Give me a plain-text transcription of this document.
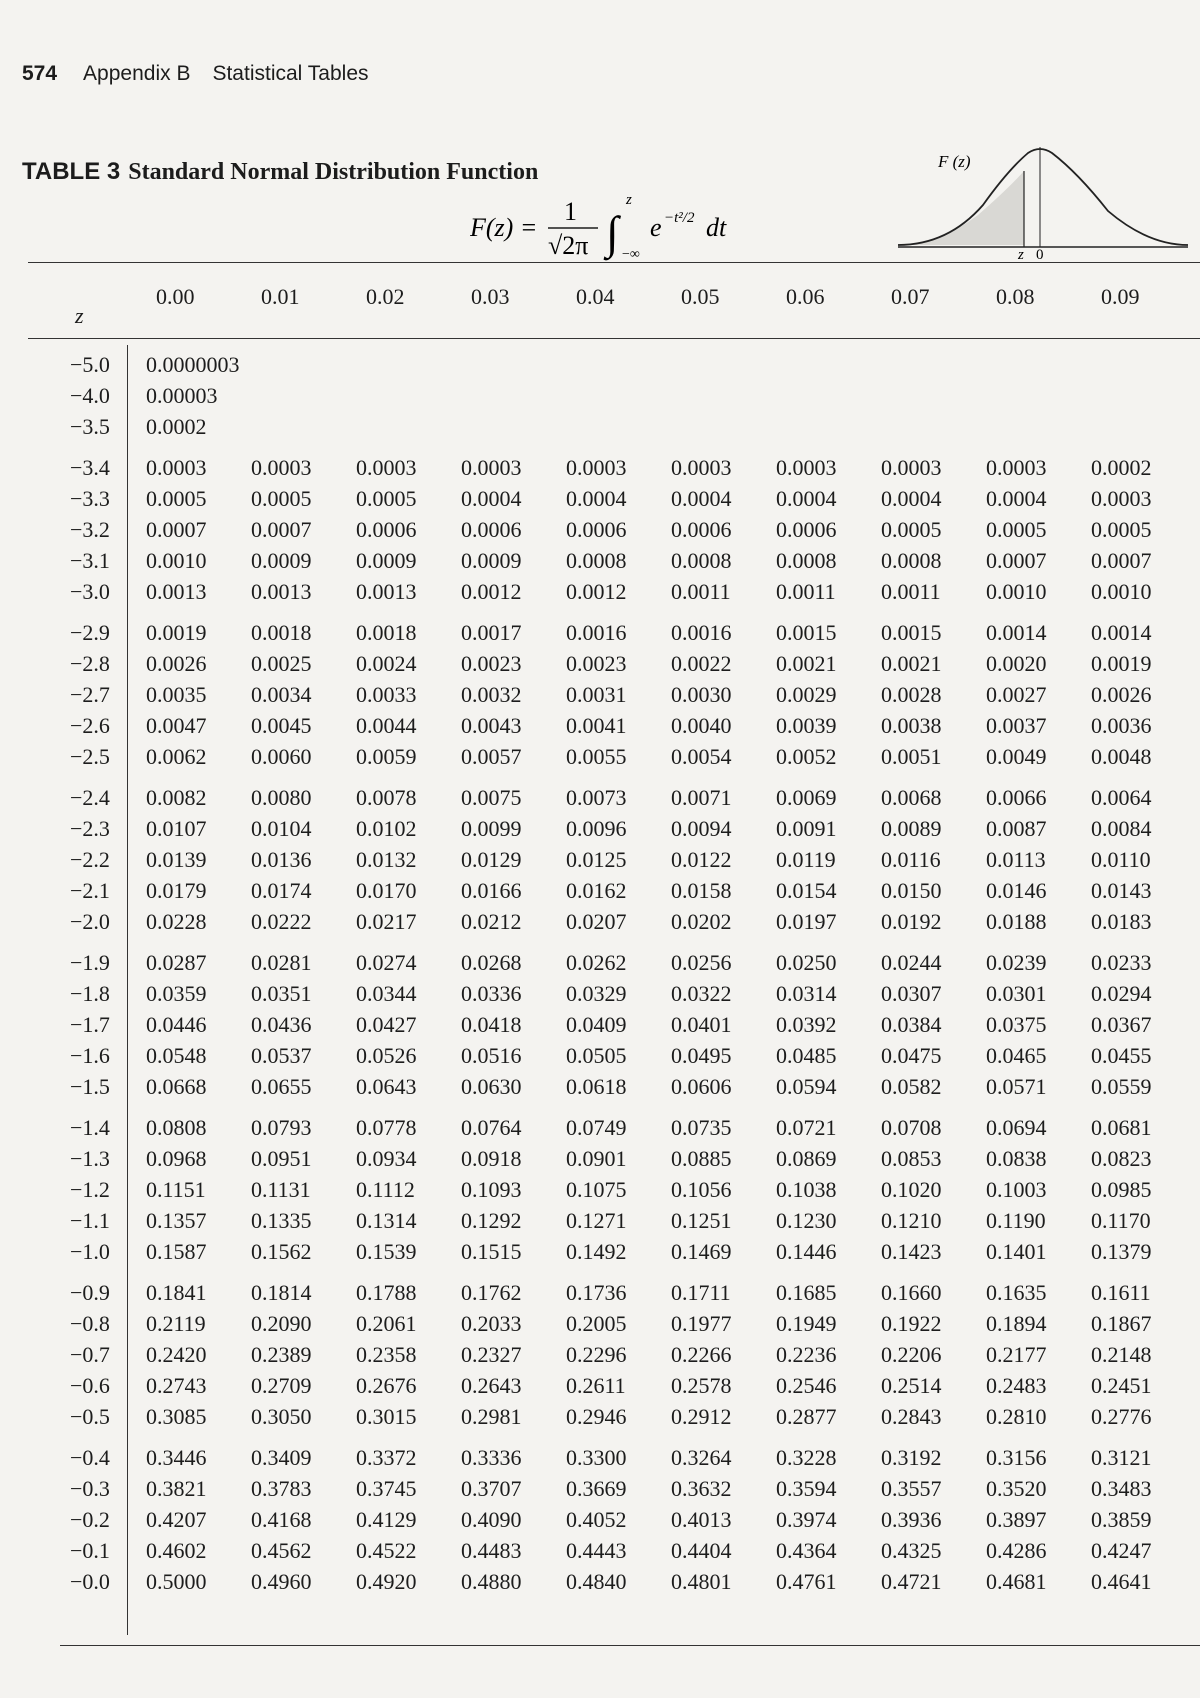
574 Appendix B Statistical Tables
TABLE 3 Standard Normal Distribution Function
F(z) =
1
√2π ∫
z
−∞
e −t²/2 dt
F (z)
z 0
z
0.00	0.01	0.02	0.03	0.04	0.05	0.06	0.07	0.08	0.09
−5.0 0.0000003
−4.0 0.00003
−3.5 0.0002
−3.4 0.0003 0.0003 0.0003 0.0003 0.0003 0.0003 0.0003 0.0003 0.0003 0.0002
−3.3 0.0005 0.0005 0.0005 0.0004 0.0004 0.0004 0.0004 0.0004 0.0004 0.0003
−3.2 0.0007 0.0007 0.0006 0.0006 0.0006 0.0006 0.0006 0.0005 0.0005 0.0005
−3.1 0.0010 0.0009 0.0009 0.0009 0.0008 0.0008 0.0008 0.0008 0.0007 0.0007
−3.0 0.0013 0.0013 0.0013 0.0012 0.0012 0.0011 0.0011 0.0011 0.0010 0.0010
−2.9 0.0019 0.0018 0.0018 0.0017 0.0016 0.0016 0.0015 0.0015 0.0014 0.0014
−2.8 0.0026 0.0025 0.0024 0.0023 0.0023 0.0022 0.0021 0.0021 0.0020 0.0019
−2.7 0.0035 0.0034 0.0033 0.0032 0.0031 0.0030 0.0029 0.0028 0.0027 0.0026
−2.6 0.0047 0.0045 0.0044 0.0043 0.0041 0.0040 0.0039 0.0038 0.0037 0.0036
−2.5 0.0062 0.0060 0.0059 0.0057 0.0055 0.0054 0.0052 0.0051 0.0049 0.0048
−2.4 0.0082 0.0080 0.0078 0.0075 0.0073 0.0071 0.0069 0.0068 0.0066 0.0064
−2.3 0.0107 0.0104 0.0102 0.0099 0.0096 0.0094 0.0091 0.0089 0.0087 0.0084
−2.2 0.0139 0.0136 0.0132 0.0129 0.0125 0.0122 0.0119 0.0116 0.0113 0.0110
−2.1 0.0179 0.0174 0.0170 0.0166 0.0162 0.0158 0.0154 0.0150 0.0146 0.0143
−2.0 0.0228 0.0222 0.0217 0.0212 0.0207 0.0202 0.0197 0.0192 0.0188 0.0183
−1.9 0.0287 0.0281 0.0274 0.0268 0.0262 0.0256 0.0250 0.0244 0.0239 0.0233
−1.8 0.0359 0.0351 0.0344 0.0336 0.0329 0.0322 0.0314 0.0307 0.0301 0.0294
−1.7 0.0446 0.0436 0.0427 0.0418 0.0409 0.0401 0.0392 0.0384 0.0375 0.0367
−1.6 0.0548 0.0537 0.0526 0.0516 0.0505 0.0495 0.0485 0.0475 0.0465 0.0455
−1.5 0.0668 0.0655 0.0643 0.0630 0.0618 0.0606 0.0594 0.0582 0.0571 0.0559
−1.4 0.0808 0.0793 0.0778 0.0764 0.0749 0.0735 0.0721 0.0708 0.0694 0.0681
−1.3 0.0968 0.0951 0.0934 0.0918 0.0901 0.0885 0.0869 0.0853 0.0838 0.0823
−1.2 0.1151 0.1131 0.1112 0.1093 0.1075 0.1056 0.1038 0.1020 0.1003 0.0985
−1.1 0.1357 0.1335 0.1314 0.1292 0.1271 0.1251 0.1230 0.1210 0.1190 0.1170
−1.0 0.1587 0.1562 0.1539 0.1515 0.1492 0.1469 0.1446 0.1423 0.1401 0.1379
−0.9 0.1841 0.1814 0.1788 0.1762 0.1736 0.1711 0.1685 0.1660 0.1635 0.1611
−0.8 0.2119 0.2090 0.2061 0.2033 0.2005 0.1977 0.1949 0.1922 0.1894 0.1867
−0.7 0.2420 0.2389 0.2358 0.2327 0.2296 0.2266 0.2236 0.2206 0.2177 0.2148
−0.6 0.2743 0.2709 0.2676 0.2643 0.2611 0.2578 0.2546 0.2514 0.2483 0.2451
−0.5 0.3085 0.3050 0.3015 0.2981 0.2946 0.2912 0.2877 0.2843 0.2810 0.2776
−0.4 0.3446 0.3409 0.3372 0.3336 0.3300 0.3264 0.3228 0.3192 0.3156 0.3121
−0.3 0.3821 0.3783 0.3745 0.3707 0.3669 0.3632 0.3594 0.3557 0.3520 0.3483
−0.2 0.4207 0.4168 0.4129 0.4090 0.4052 0.4013 0.3974 0.3936 0.3897 0.3859
−0.1 0.4602 0.4562 0.4522 0.4483 0.4443 0.4404 0.4364 0.4325 0.4286 0.4247
−0.0 0.5000 0.4960 0.4920 0.4880 0.4840 0.4801 0.4761 0.4721 0.4681 0.4641
